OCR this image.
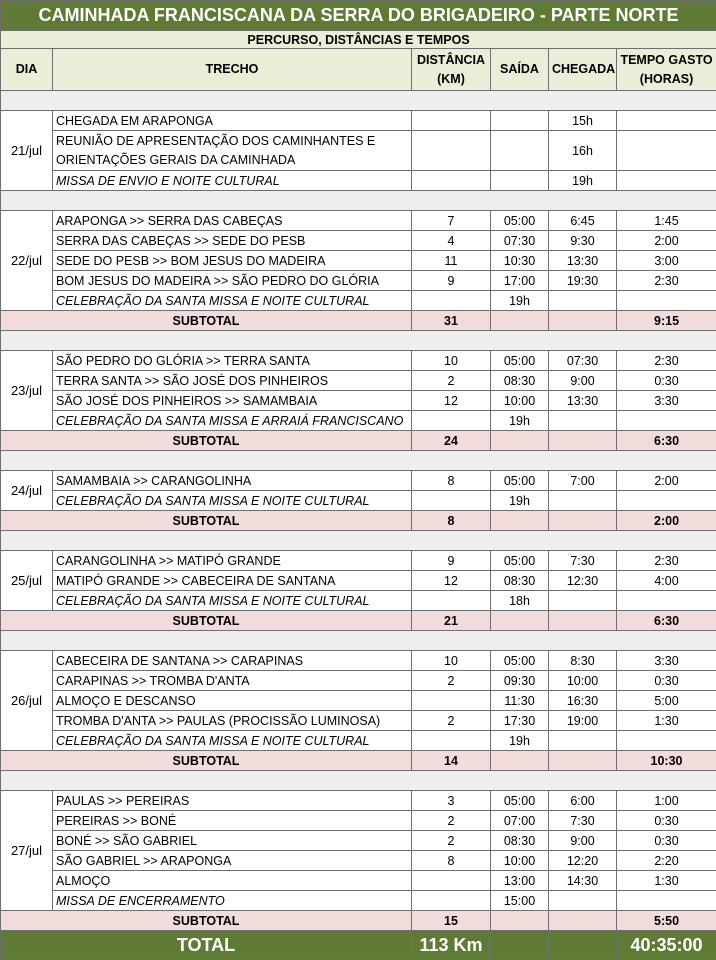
CAMINHADA FRANCISCANA DA SERRA DO BRIGADEIRO - PARTE NORTE					
PERCURSO, DISTÂNCIAS E TEMPOS					
DIA	TRECHO	DISTÂNCIA (KM)	SAÍDA	CHEGADA	TEMPO GASTO (HORAS)

21/jul	CHEGADA EM ARAPONGA			15h	
	REUNIÃO DE APRESENTAÇÃO DOS CAMINHANTES E ORIENTAÇÕES GERAIS DA CAMINHADA			16h	
	MISSA DE ENVIO E NOITE CULTURAL			19h	

22/jul	ARAPONGA >> SERRA DAS CABEÇAS	7	05:00	6:45	1:45
	SERRA DAS CABEÇAS >> SEDE DO PESB	4	07:30	9:30	2:00
	SEDE DO PESB >> BOM JESUS DO MADEIRA	11	10:30	13:30	3:00
	BOM JESUS DO MADEIRA >> SÃO PEDRO DO GLÓRIA	9	17:00	19:30	2:30
	CELEBRAÇÃO DA SANTA MISSA E NOITE CULTURAL		19h		
SUBTOTAL		31			9:15

23/jul	SÃO PEDRO DO GLÓRIA >> TERRA SANTA	10	05:00	07:30	2:30
	TERRA SANTA >> SÃO JOSÉ DOS PINHEIROS	2	08:30	9:00	0:30
	SÃO JOSÉ DOS PINHEIROS >> SAMAMBAIA	12	10:00	13:30	3:30
	CELEBRAÇÃO DA SANTA MISSA E ARRAIÁ FRANCISCANO		19h		
SUBTOTAL		24			6:30

24/jul	SAMAMBAIA >> CARANGOLINHA	8	05:00	7:00	2:00
	CELEBRAÇÃO DA SANTA MISSA E NOITE CULTURAL		19h		
SUBTOTAL		8			2:00

25/jul	CARANGOLINHA >> MATIPÓ GRANDE	9	05:00	7:30	2:30
	MATIPÓ GRANDE >> CABECEIRA DE SANTANA	12	08:30	12:30	4:00
	CELEBRAÇÃO DA SANTA MISSA E NOITE CULTURAL		18h		
SUBTOTAL		21			6:30

26/jul	CABECEIRA DE SANTANA >> CARAPINAS	10	05:00	8:30	3:30
	CARAPINAS >> TROMBA D'ANTA	2	09:30	10:00	0:30
	ALMOÇO E DESCANSO		11:30	16:30	5:00
	TROMBA D'ANTA >> PAULAS (PROCISSÃO LUMINOSA)	2	17:30	19:00	1:30
	CELEBRAÇÃO DA SANTA MISSA E NOITE CULTURAL		19h		
SUBTOTAL		14			10:30

27/jul	PAULAS >> PEREIRAS	3	05:00	6:00	1:00
	PEREIRAS >> BONÉ	2	07:00	7:30	0:30
	BONÉ >> SÃO GABRIEL	2	08:30	9:00	0:30
	SÃO GABRIEL >> ARAPONGA	8	10:00	12:20	2:20
	ALMOÇO		13:00	14:30	1:30
	MISSA DE ENCERRAMENTO		15:00		
SUBTOTAL		15			5:50
TOTAL		113 Km			40:35:00
